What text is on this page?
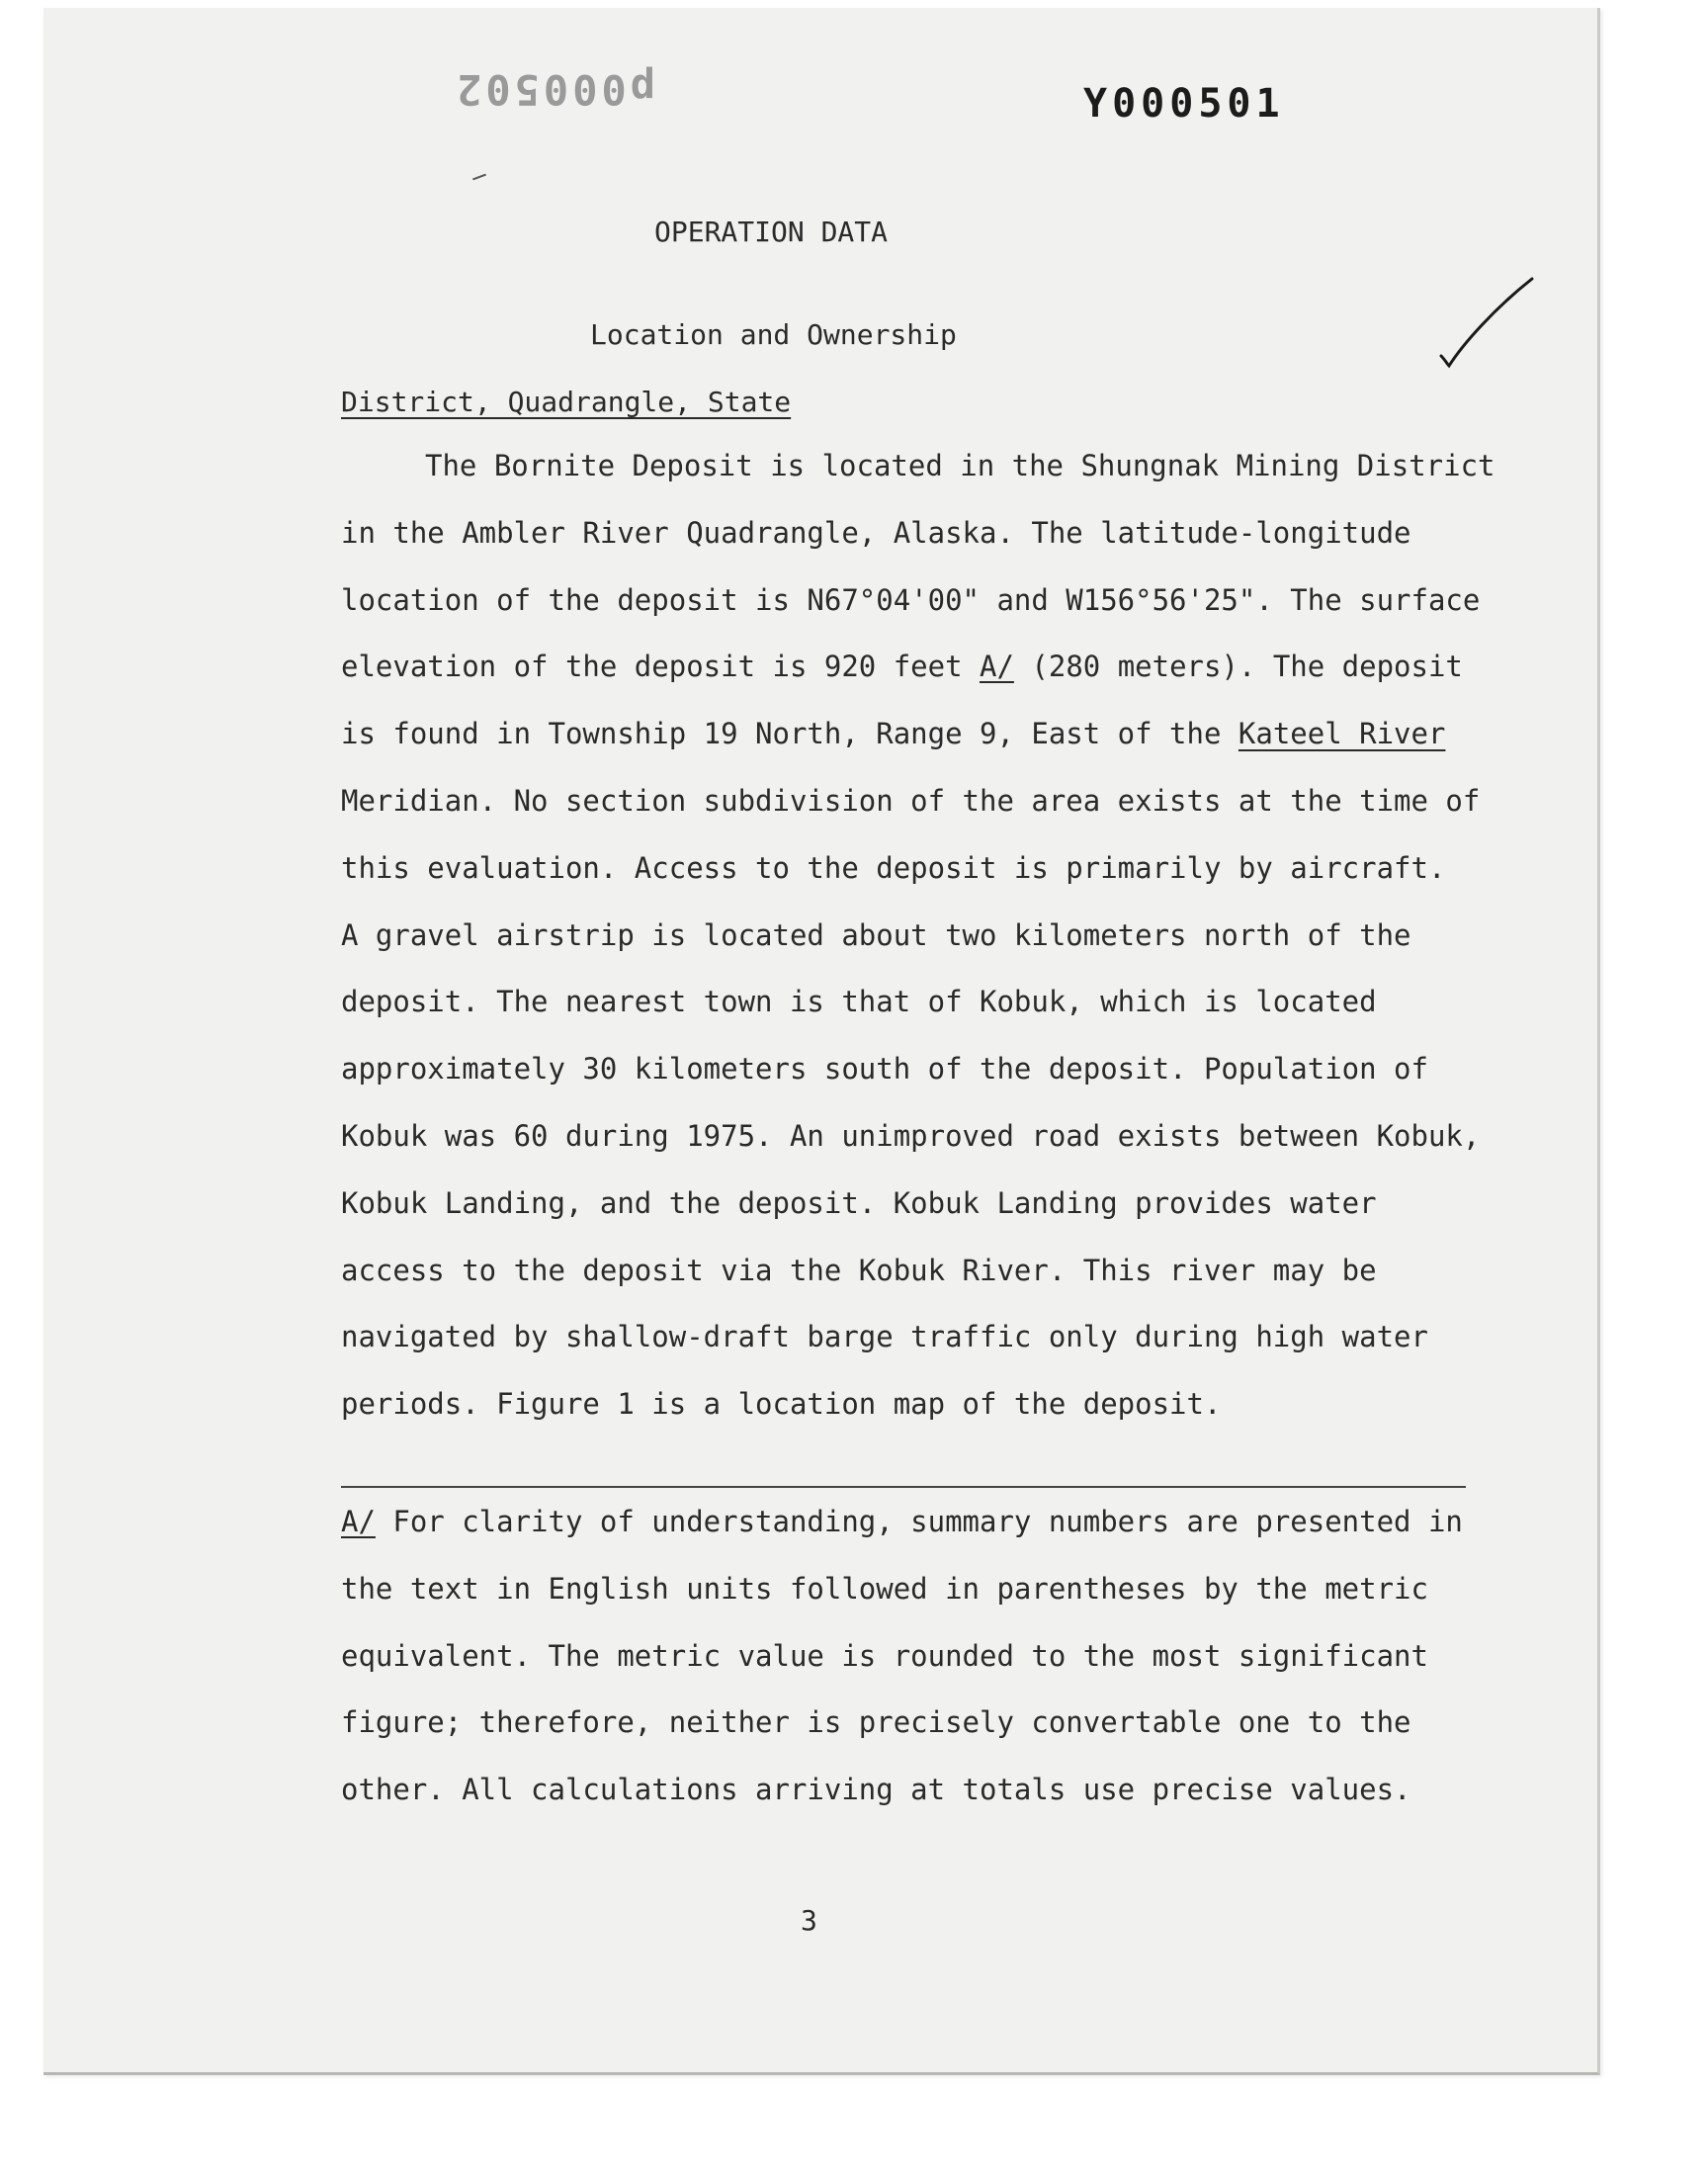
p000502	Y000501
OPERATION DATA
Location and Ownership
District, Quadrangle, State
The Bornite Deposit is located in the Shungnak Mining District
in the Ambler River Quadrangle, Alaska. The latitude-longitude
location of the deposit is N67°04'00" and W156°56'25". The surface
elevation of the deposit is 920 feet A/ (280 meters). The deposit
is found in Township 19 North, Range 9, East of the Kateel River
Meridian. No section subdivision of the area exists at the time of
this evaluation. Access to the deposit is primarily by aircraft.
A gravel airstrip is located about two kilometers north of the
deposit. The nearest town is that of Kobuk, which is located
approximately 30 kilometers south of the deposit. Population of
Kobuk was 60 during 1975. An unimproved road exists between Kobuk,
Kobuk Landing, and the deposit. Kobuk Landing provides water
access to the deposit via the Kobuk River. This river may be
navigated by shallow-draft barge traffic only during high water
periods. Figure 1 is a location map of the deposit.
A/ For clarity of understanding, summary numbers are presented in
the text in English units followed in parentheses by the metric
equivalent. The metric value is rounded to the most significant
figure; therefore, neither is precisely convertable one to the
other. All calculations arriving at totals use precise values.
3
